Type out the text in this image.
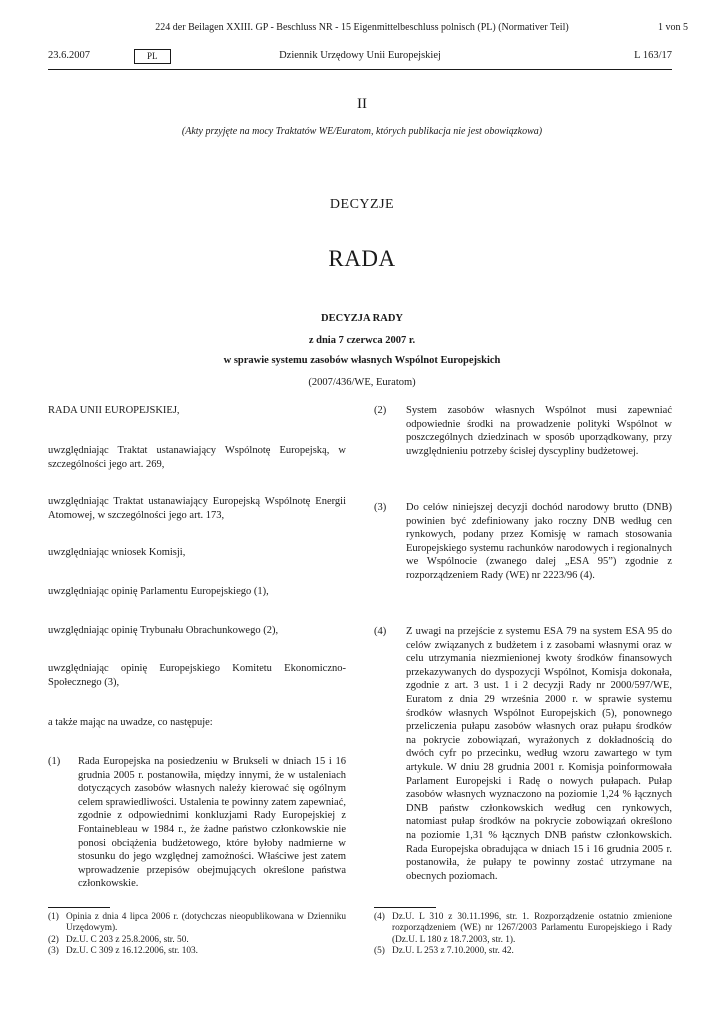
224 der Beilagen XXIII. GP - Beschluss NR - 15 Eigenmittelbeschluss polnisch (PL) (Normativer Teil)	1 von 5
23.6.2007	Dziennik Urzędowy Unii Europejskiej
PL	L 163/17
II
(Akty przyjęte na mocy Traktatów WE/Euratom, których publikacja nie jest obowiązkowa)
DECYZJE
RADA
DECYZJA RADY
z dnia 7 czerwca 2007 r.
w sprawie systemu zasobów własnych Wspólnot Europejskich
(2007/436/WE, Euratom)
RADA UNII EUROPEJSKIEJ,
uwzględniając Traktat ustanawiający Wspólnotę Europejską, w szczególności jego art. 269,
uwzględniając Traktat ustanawiający Europejską Wspólnotę Energii Atomowej, w szczególności jego art. 173,
uwzględniając wniosek Komisji,
uwzględniając opinię Parlamentu Europejskiego (1),
uwzględniając opinię Trybunału Obrachunkowego (2),
uwzględniając opinię Europejskiego Komitetu Ekonomiczno-Społecznego (3),
a także mając na uwadze, co następuje:
(1) Rada Europejska na posiedzeniu w Brukseli w dniach 15 i 16 grudnia 2005 r. postanowiła, między innymi, że w ustaleniach dotyczących zasobów własnych należy kierować się ogólnym celem sprawiedliwości. Ustalenia te powinny zatem zapewniać, zgodnie z odpowiednimi konkluzjami Rady Europejskiej z Fontainebleau w 1984 r., że żadne państwo członkowskie nie ponosi obciążenia budżetowego, które byłoby nadmierne w stosunku do jego względnej zamożności. Właściwe jest zatem wprowadzenie przepisów obejmujących określone państwa członkowskie.

(2) System zasobów własnych Wspólnot musi zapewniać odpowiednie środki na prowadzenie polityki Wspólnot w poszczególnych dziedzinach w sposób uporządkowany, przy uwzględnieniu potrzeby ścisłej dyscypliny budżetowej.

(3) Do celów niniejszej decyzji dochód narodowy brutto (DNB) powinien być zdefiniowany jako roczny DNB według cen rynkowych, podany przez Komisję w ramach stosowania Europejskiego systemu rachunków narodowych i regionalnych we Wspólnocie (zwanego dalej „ESA 95”) zgodnie z rozporządzeniem Rady (WE) nr 2223/96 (4).

(4) Z uwagi na przejście z systemu ESA 79 na system ESA 95 do celów związanych z budżetem i z zasobami własnymi oraz w celu utrzymania niezmienionej kwoty środków finansowych przekazywanych do dyspozycji Wspólnot, Komisja dokonała, zgodnie z art. 3 ust. 1 i 2 decyzji Rady nr 2000/597/WE, Euratom z dnia 29 września 2000 r. w sprawie systemu środków własnych Wspólnot Europejskich (5), ponownego przeliczenia pułapu zasobów własnych oraz pułapu środków na pokrycie zobowiązań, wyrażonych z dokładnością do dwóch cyfr po przecinku, według wzoru zawartego w tym artykule. W dniu 28 grudnia 2001 r. Komisja poinformowała Parlament Europejski i Radę o nowych pułapach. Pułap zasobów własnych wyznaczono na poziomie 1,24 % łącznych DNB państw członkowskich według cen rynkowych, natomiast pułap środków na pokrycie zobowiązań określono na poziomie 1,31 % łącznych DNB państw członkowskich. Rada Europejska obradująca w dniach 15 i 16 grudnia 2005 r. postanowiła, że pułapy te powinny zostać utrzymane na obecnych poziomach.

(1) Opinia z dnia 4 lipca 2006 r. (dotychczas nieopublikowana w Dzienniku Urzędowym).

(2) Dz.U. C 203 z 25.8.2006, str. 50.

(3) Dz.U. C 309 z 16.12.2006, str. 103.

(4) Dz.U. L 310 z 30.11.1996, str. 1. Rozporządzenie ostatnio zmienione rozporządzeniem (WE) nr 1267/2003 Parlamentu Europejskiego i Rady (Dz.U. L 180 z 18.7.2003, str. 1).

(5) Dz.U. L 253 z 7.10.2000, str. 42.
